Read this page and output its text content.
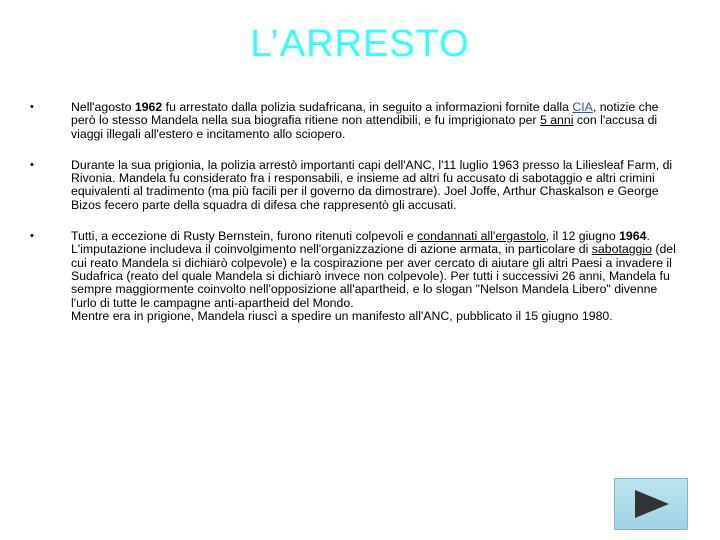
L’ARRESTO
•	Nell'agosto 1962 fu arrestato dalla polizia sudafricana, in seguito a informazioni fornite dalla CIA, notizie che però lo stesso Mandela nella sua biografia ritiene non attendibili, e fu imprigionato per 5 anni con l'accusa di viaggi illegali all'estero e incitamento allo sciopero.

•	Durante la sua prigionia, la polizia arrestò importanti capi dell'ANC, l'11 luglio 1963 presso la Liliesleaf Farm, di Rivonia. Mandela fu considerato fra i responsabili, e insieme ad altri fu accusato di sabotaggio e altri crimini equivalenti al tradimento (ma più facili per il governo da dimostrare). Joel Joffe, Arthur Chaskalson e George Bizos fecero parte della squadra di difesa che rappresentò gli accusati.

•	Tutti, a eccezione di Rusty Bernstein, furono ritenuti colpevoli e condannati all'ergastolo, il 12 giugno 1964. L'imputazione includeva il coinvolgimento nell'organizzazione di azione armata, in particolare di sabotaggio (del cui reato Mandela si dichiarò colpevole) e la cospirazione per aver cercato di aiutare gli altri Paesi a invadere il Sudafrica (reato del quale Mandela si dichiarò invece non colpevole). Per tutti i successivi 26 anni, Mandela fu sempre maggiormente coinvolto nell'opposizione all'apartheid, e lo slogan "Nelson Mandela Libero" divenne l'urlo di tutte le campagne anti-apartheid del Mondo.

Mentre era in prigione, Mandela riuscì a spedire un manifesto all'ANC, pubblicato il 15 giugno 1980.
